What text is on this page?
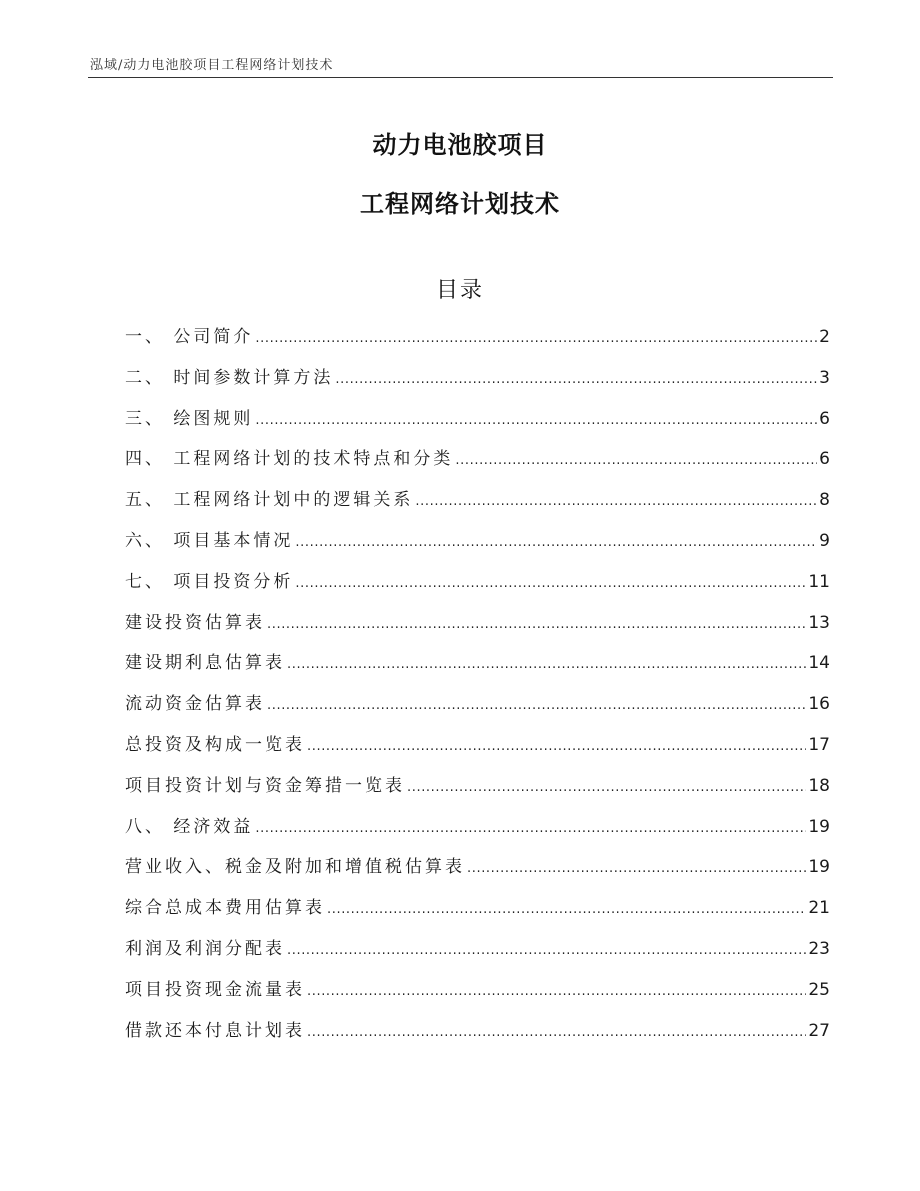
泓域/动力电池胶项目工程网络计划技术
动力电池胶项目
工程网络计划技术
目录
一、 公司简介 .....	2
二、 时间参数计算方法 .....	3
三、 绘图规则 .....	6
四、 工程网络计划的技术特点和分类 .....	6
五、 工程网络计划中的逻辑关系 .....	8
六、 项目基本情况 .....	9
七、 项目投资分析 .....	11
建设投资估算表 .....	13
建设期利息估算表 .....	14
流动资金估算表 .....	16
总投资及构成一览表 .....	17
项目投资计划与资金筹措一览表 .....	18
八、 经济效益 .....	19
营业收入、税金及附加和增值税估算表 .....	19
综合总成本费用估算表 .....	21
利润及利润分配表 .....	23
项目投资现金流量表 .....	25
借款还本付息计划表 .....	27
